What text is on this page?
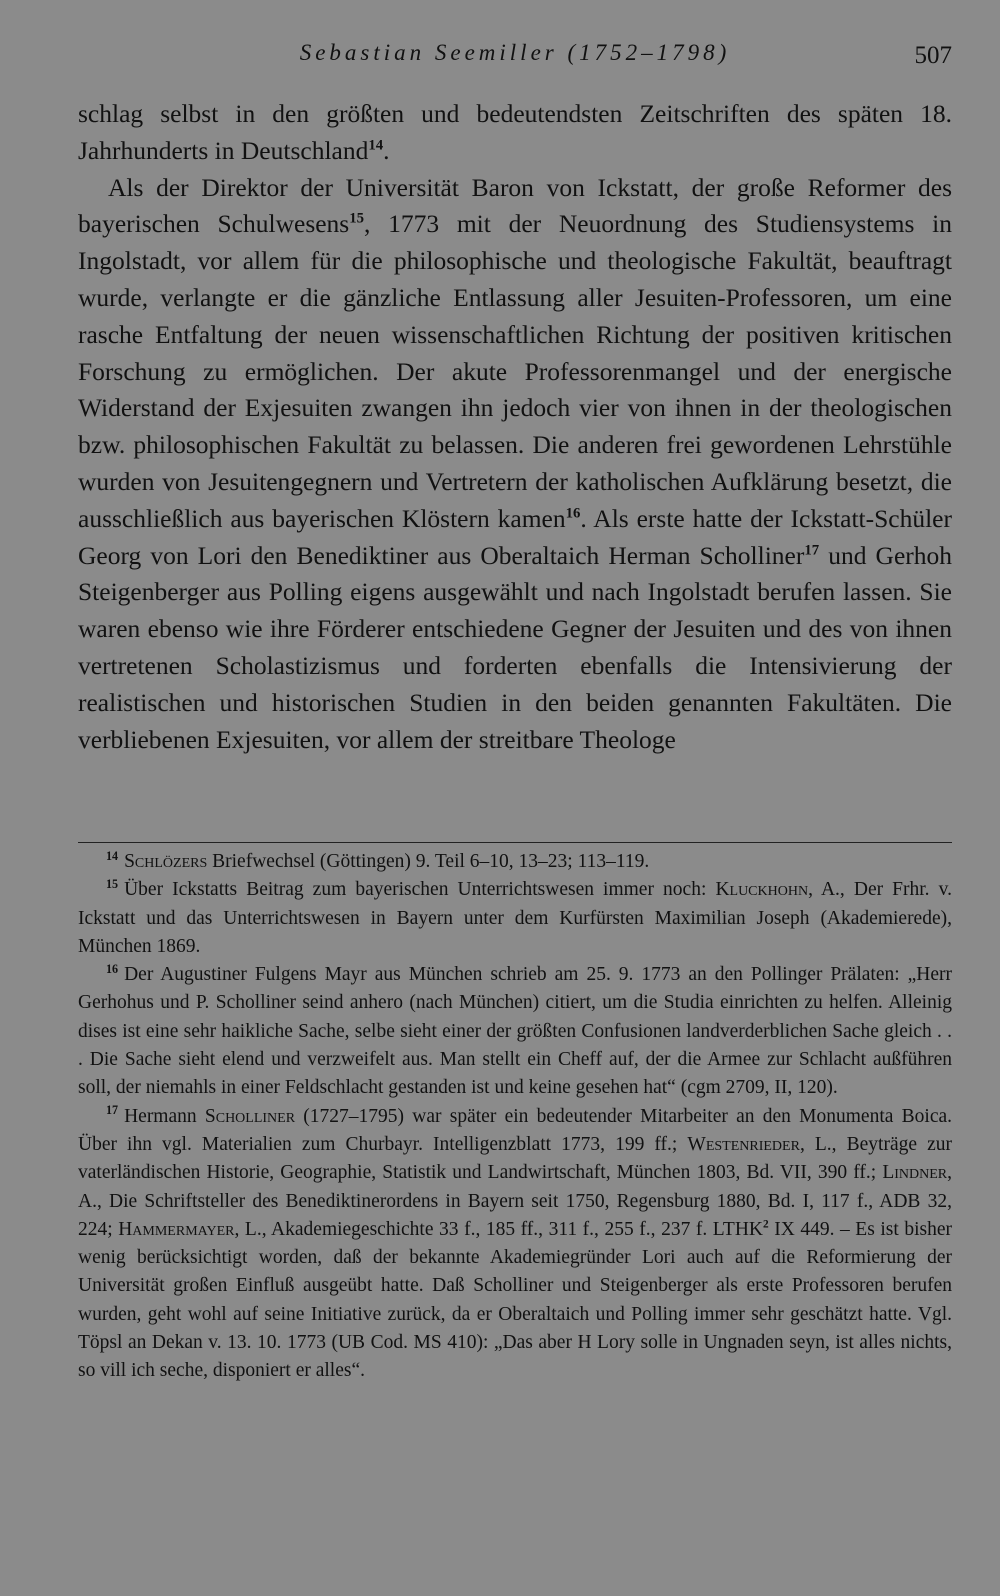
Sebastian Seemiller (1752–1798)	507

schlag selbst in den größten und bedeutendsten Zeitschriften des späten 18. Jahrhunderts in Deutschland$^{14}$.

Als der Direktor der Universität Baron von Ickstatt, der große Reformer des bayerischen Schulwesens$^{15}$, 1773 mit der Neuordnung des Studiensystems in Ingolstadt, vor allem für die philosophische und theologische Fakultät, beauftragt wurde, verlangte er die gänzliche Entlassung aller Jesuiten-Professoren, um eine rasche Entfaltung der neuen wissenschaftlichen Richtung der positiven kritischen Forschung zu ermöglichen. Der akute Professorenmangel und der energische Widerstand der Exjesuiten zwangen ihn jedoch vier von ihnen in der theologischen bzw. philosophischen Fakultät zu belassen. Die anderen frei gewordenen Lehrstühle wurden von Jesuitengegnern und Vertretern der katholischen Aufklärung besetzt, die ausschließlich aus bayerischen Klöstern kamen$^{16}$. Als erste hatte der Ickstatt-Schüler Georg von Lori den Benediktiner aus Oberaltaich Herman Scholliner$^{17}$ und Gerhoh Steigenberger aus Polling eigens ausgewählt und nach Ingolstadt berufen lassen. Sie waren ebenso wie ihre Förderer entschiedene Gegner der Jesuiten und des von ihnen vertretenen Scholastizismus und forderten ebenfalls die Intensivierung der realistischen und historischen Studien in den beiden genannten Fakultäten. Die verbliebenen Exjesuiten, vor allem der streitbare Theologe

$^{14}$ Schlözers Briefwechsel (Göttingen) 9. Teil 6–10, 13–23; 113–119.

$^{15}$ Über Ickstatts Beitrag zum bayerischen Unterrichtswesen immer noch: Kluckhohn, A., Der Frhr. v. Ickstatt und das Unterrichtswesen in Bayern unter dem Kurfürsten Maximilian Joseph (Akademierede), München 1869.

$^{16}$ Der Augustiner Fulgens Mayr aus München schrieb am 25. 9. 1773 an den Pollinger Prälaten: „Herr Gerhohus und P. Scholliner seind anhero (nach München) citiert, um die Studia einrichten zu helfen. Alleinig dises ist eine sehr haikliche Sache, selbe sieht einer der größten Confusionen landverderblichen Sache gleich . . . Die Sache sieht elend und verzweifelt aus. Man stellt ein Cheff auf, der die Armee zur Schlacht außführen soll, der niemahls in einer Feldschlacht gestanden ist und keine gesehen hat“ (cgm 2709, II, 120).

$^{17}$ Hermann Scholliner (1727–1795) war später ein bedeutender Mitarbeiter an den Monumenta Boica. Über ihn vgl. Materialien zum Churbayr. Intelligenzblatt 1773, 199 ff.; Westenrieder, L., Beyträge zur vaterländischen Historie, Geographie, Statistik und Landwirtschaft, München 1803, Bd. VII, 390 ff.; Lindner, A., Die Schriftsteller des Benediktinerordens in Bayern seit 1750, Regensburg 1880, Bd. I, 117 f., ADB 32, 224; Hammermayer, L., Akademiegeschichte 33 f., 185 ff., 311 f., 255 f., 237 f. LTHK$^2$ IX 449. – Es ist bisher wenig berücksichtigt worden, daß der bekannte Akademiegründer Lori auch auf die Reformierung der Universität großen Einfluß ausgeübt hatte. Daß Scholliner und Steigenberger als erste Professoren berufen wurden, geht wohl auf seine Initiative zurück, da er Oberaltaich und Polling immer sehr geschätzt hatte. Vgl. Töpsl an Dekan v. 13. 10. 1773 (UB Cod. MS 410): „Das aber H Lory solle in Ungnaden seyn, ist alles nichts, so vill ich seche, disponiert er alles“.
